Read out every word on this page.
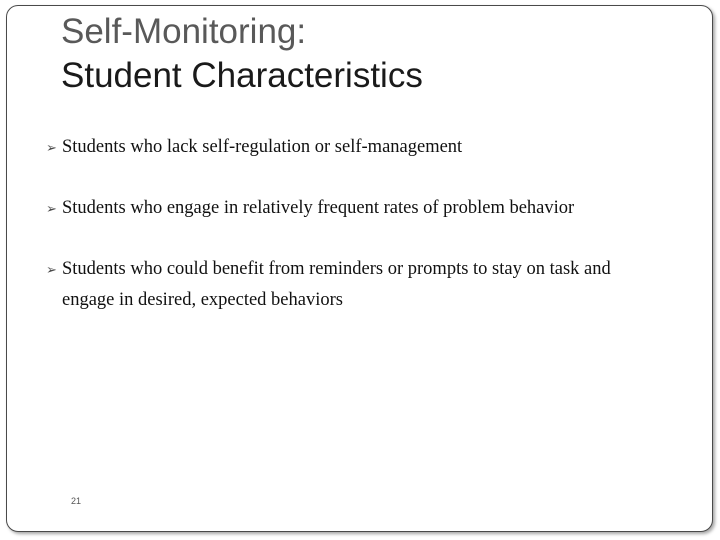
Self-Monitoring:
Student Characteristics
➢ Students who lack self-regulation or self-management
➢ Students who engage in relatively frequent rates of problem behavior
➢ Students who could benefit from reminders or prompts to stay on task and engage in desired, expected behaviors
21
